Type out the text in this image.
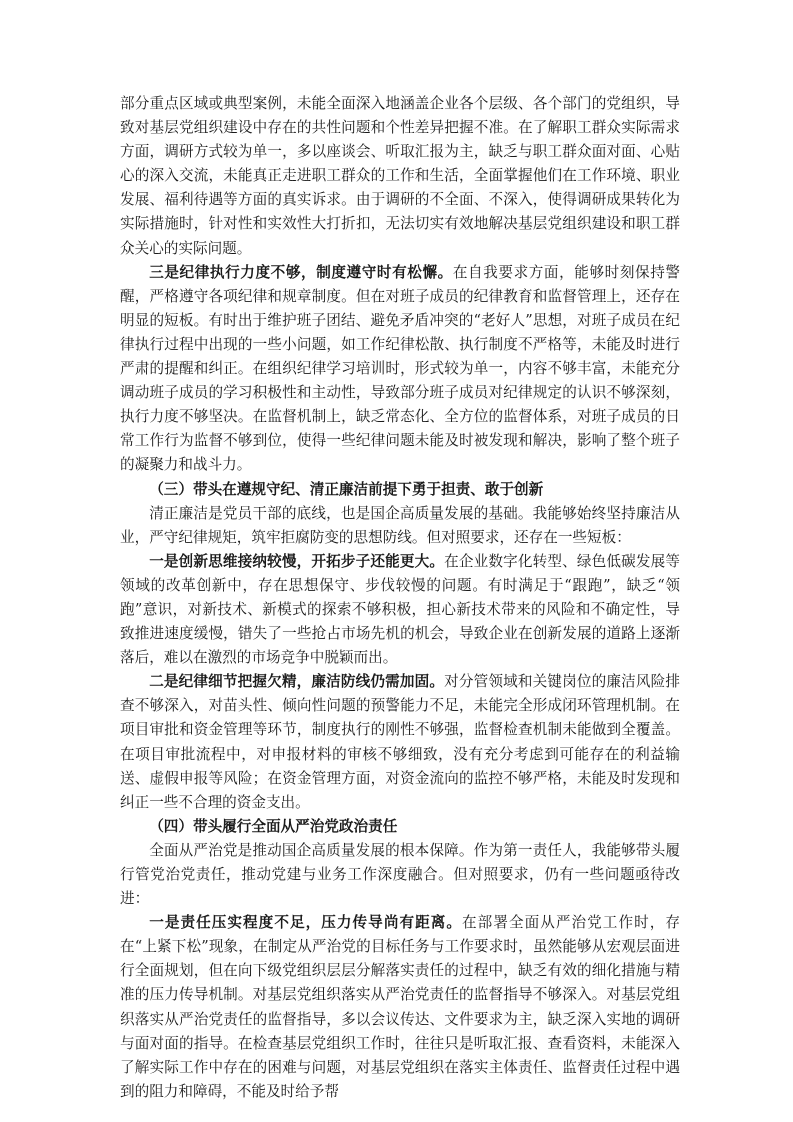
部分重点区域或典型案例，未能全面深入地涵盖企业各个层级、各个部门的党组织，导致对基层党组织建设中存在的共性问题和个性差异把握不准。在了解职工群众实际需求方面，调研方式较为单一，多以座谈会、听取汇报为主，缺乏与职工群众面对面、心贴心的深入交流，未能真正走进职工群众的工作和生活，全面掌握他们在工作环境、职业发展、福利待遇等方面的真实诉求。由于调研的不全面、不深入，使得调研成果转化为实际措施时，针对性和实效性大打折扣，无法切实有效地解决基层党组织建设和职工群众关心的实际问题。

三是纪律执行力度不够，制度遵守时有松懈。在自我要求方面，能够时刻保持警醒，严格遵守各项纪律和规章制度。但在对班子成员的纪律教育和监督管理上，还存在明显的短板。有时出于维护班子团结、避免矛盾冲突的“老好人”思想，对班子成员在纪律执行过程中出现的一些小问题，如工作纪律松散、执行制度不严格等，未能及时进行严肃的提醒和纠正。在组织纪律学习培训时，形式较为单一，内容不够丰富，未能充分调动班子成员的学习积极性和主动性，导致部分班子成员对纪律规定的认识不够深刻，执行力度不够坚决。在监督机制上，缺乏常态化、全方位的监督体系，对班子成员的日常工作行为监督不够到位，使得一些纪律问题未能及时被发现和解决，影响了整个班子的凝聚力和战斗力。

（三）带头在遵规守纪、清正廉洁前提下勇于担责、敢于创新

清正廉洁是党员干部的底线，也是国企高质量发展的基础。我能够始终坚持廉洁从业，严守纪律规矩，筑牢拒腐防变的思想防线。但对照要求，还存在一些短板：

一是创新思维接纳较慢，开拓步子还能更大。在企业数字化转型、绿色低碳发展等领域的改革创新中，存在思想保守、步伐较慢的问题。有时满足于“跟跑”，缺乏“领跑”意识，对新技术、新模式的探索不够积极，担心新技术带来的风险和不确定性，导致推进速度缓慢，错失了一些抢占市场先机的机会，导致企业在创新发展的道路上逐渐落后，难以在激烈的市场竞争中脱颖而出。

二是纪律细节把握欠精，廉洁防线仍需加固。对分管领域和关键岗位的廉洁风险排查不够深入，对苗头性、倾向性问题的预警能力不足，未能完全形成闭环管理机制。在项目审批和资金管理等环节，制度执行的刚性不够强，监督检查机制未能做到全覆盖。在项目审批流程中，对申报材料的审核不够细致，没有充分考虑到可能存在的利益输送、虚假申报等风险；在资金管理方面，对资金流向的监控不够严格，未能及时发现和纠正一些不合理的资金支出。

（四）带头履行全面从严治党政治责任

全面从严治党是推动国企高质量发展的根本保障。作为第一责任人，我能够带头履行管党治党责任，推动党建与业务工作深度融合。但对照要求，仍有一些问题亟待改进：

一是责任压实程度不足，压力传导尚有距离。在部署全面从严治党工作时，存在“上紧下松”现象，在制定从严治党的目标任务与工作要求时，虽然能够从宏观层面进行全面规划，但在向下级党组织层层分解落实责任的过程中，缺乏有效的细化措施与精准的压力传导机制。对基层党组织落实从严治党责任的监督指导不够深入。对基层党组织落实从严治党责任的监督指导，多以会议传达、文件要求为主，缺乏深入实地的调研与面对面的指导。在检查基层党组织工作时，往往只是听取汇报、查看资料，未能深入了解实际工作中存在的困难与问题，对基层党组织在落实主体责任、监督责任过程中遇到的阻力和障碍，不能及时给予帮
